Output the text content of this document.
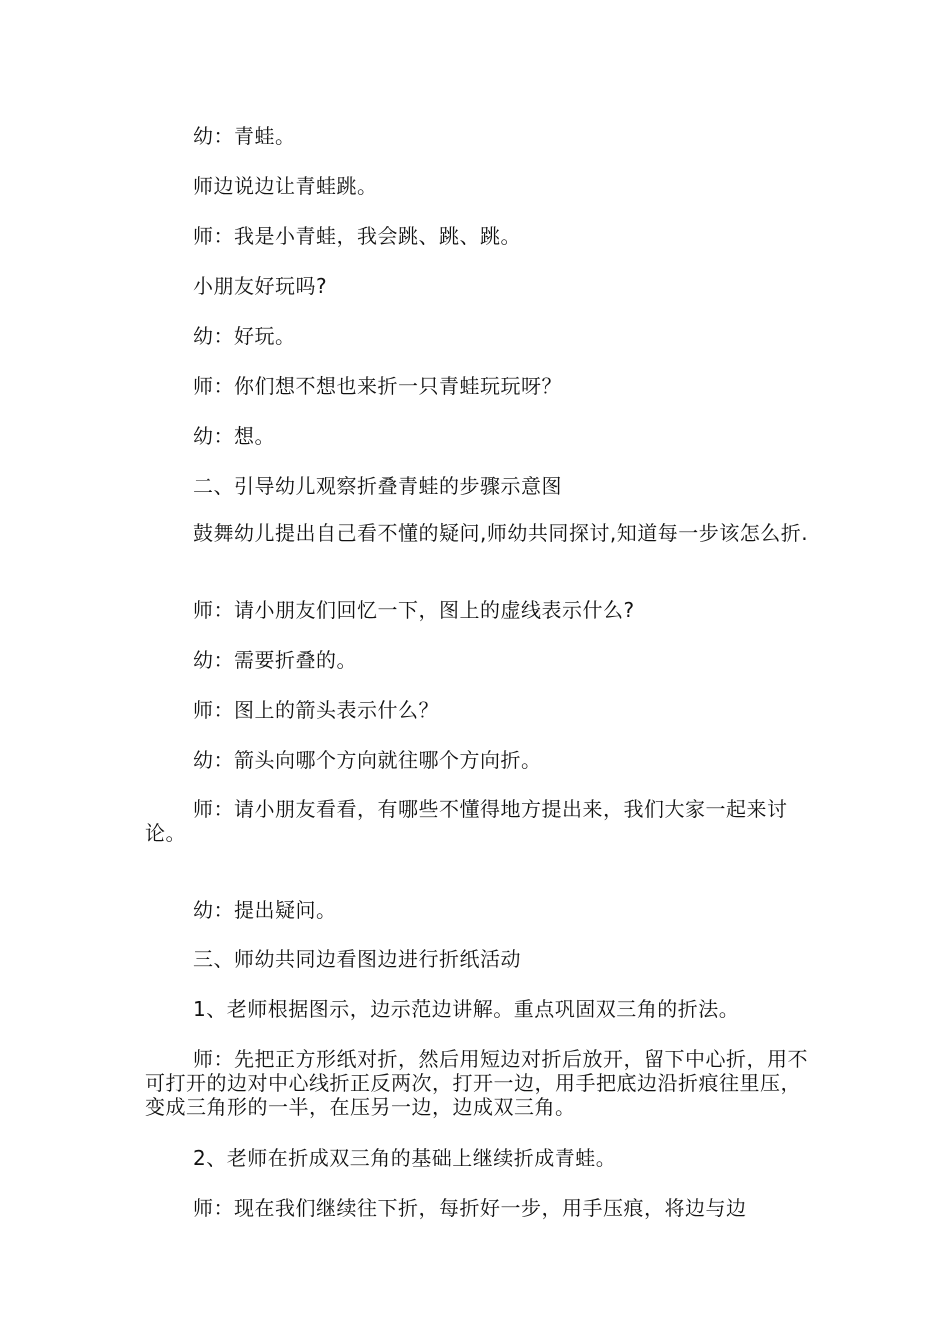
幼：青蛙。

师边说边让青蛙跳。

师：我是小青蛙，我会跳、跳、跳。

小朋友好玩吗?

幼：好玩。

师：你们想不想也来折一只青蛙玩玩呀？

幼：想。

二、引导幼儿观察折叠青蛙的步骤示意图

鼓舞幼儿提出自己看不懂的疑问,师幼共同探讨,知道每一步该怎么折.

师：请小朋友们回忆一下，图上的虚线表示什么?

幼：需要折叠的。

师：图上的箭头表示什么？

幼：箭头向哪个方向就往哪个方向折。

师：请小朋友看看，有哪些不懂得地方提出来，我们大家一起来讨论。

幼：提出疑问。

三、师幼共同边看图边进行折纸活动

1、老师根据图示，边示范边讲解。重点巩固双三角的折法。

师：先把正方形纸对折，然后用短边对折后放开，留下中心折，用不可打开的边对中心线折正反两次，打开一边，用手把底边沿折痕往里压，变成三角形的一半，在压另一边，边成双三角。

2、老师在折成双三角的基础上继续折成青蛙。

师：现在我们继续往下折，每折好一步，用手压痕，将边与边
